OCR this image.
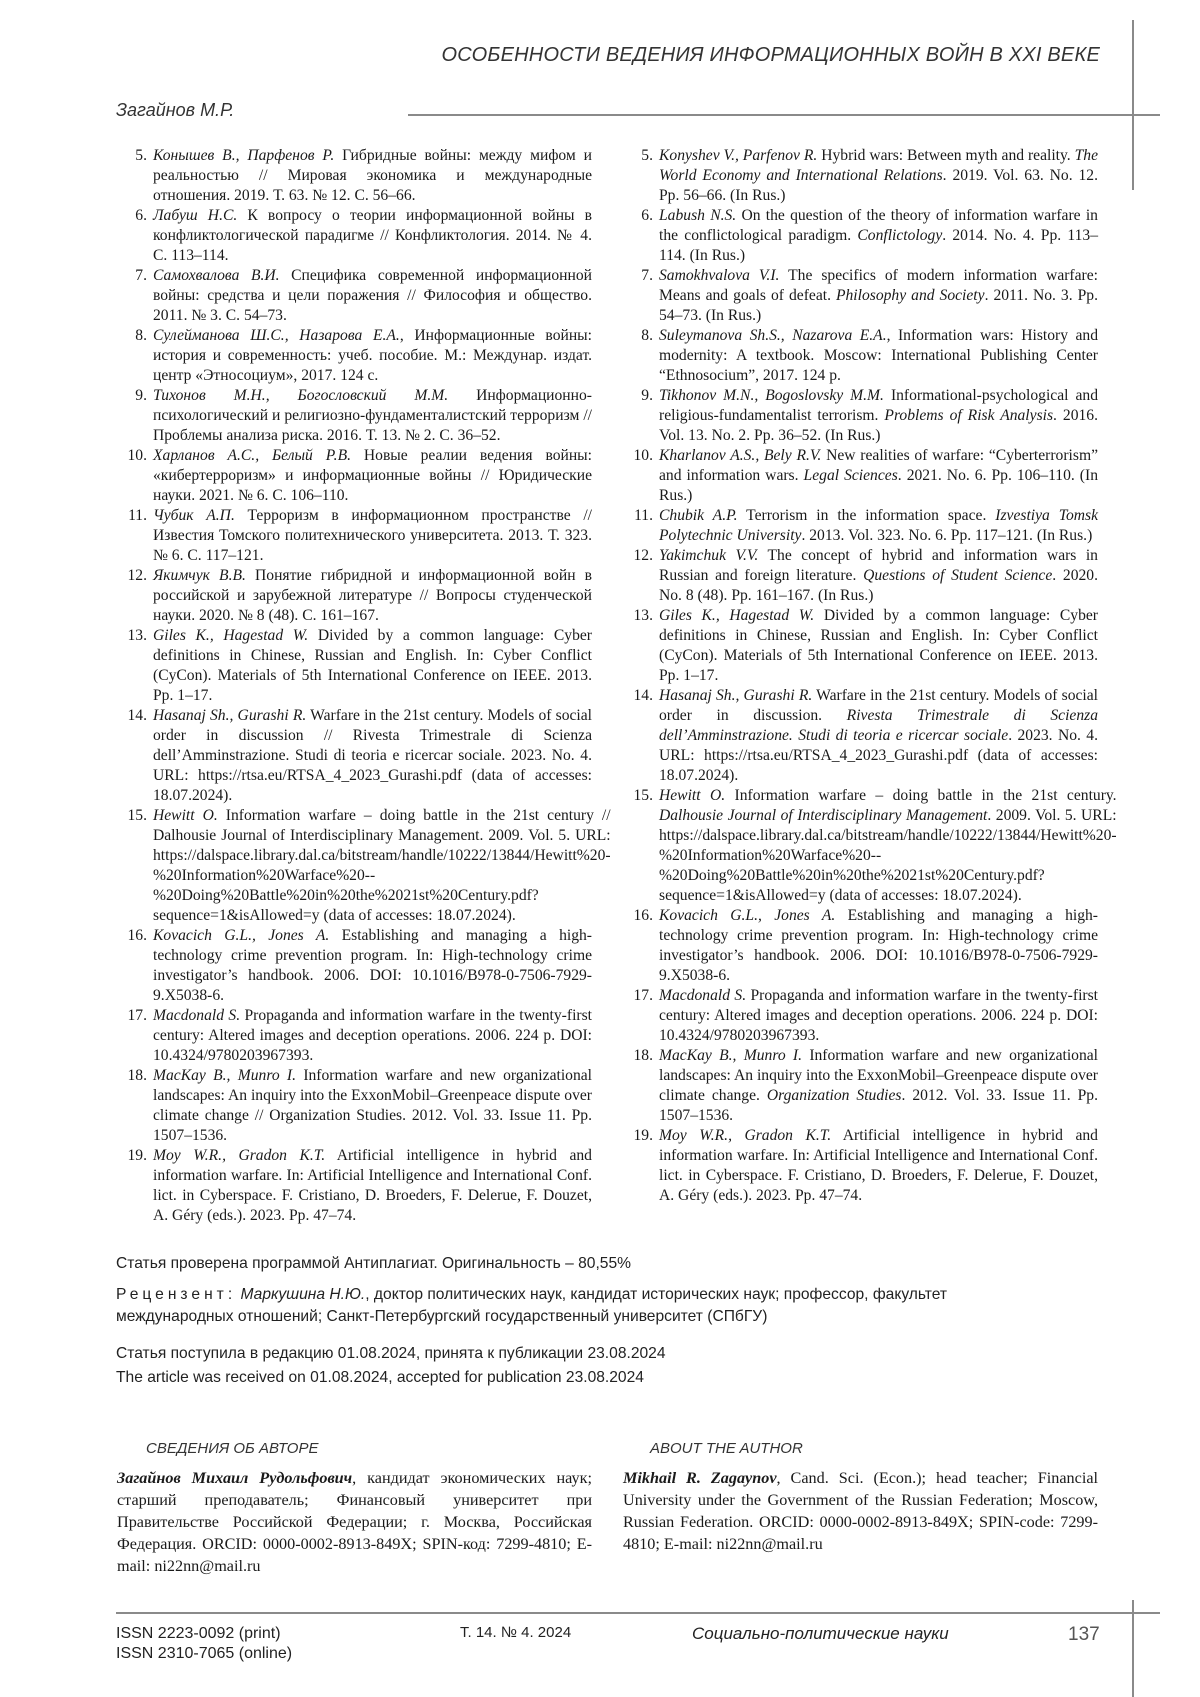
ОСОБЕННОСТИ ВЕДЕНИЯ ИНФОРМАЦИОННЫХ ВОЙН В XXI ВЕКЕ
Загайнов М.Р.
5. Конышев В., Парфенов Р. Гибридные войны: между мифом и реальностью // Мировая экономика и международные отношения. 2019. Т. 63. № 12. С. 56–66.
6. Лабуш Н.С. К вопросу о теории информационной войны в конфликтологической парадигме // Конфликтология. 2014. № 4. С. 113–114.
7. Самохвалова В.И. Специфика современной информационной войны: средства и цели поражения // Философия и общество. 2011. № 3. С. 54–73.
8. Сулейманова Ш.С., Назарова Е.А., Информационные войны: история и современность: учеб. пособие. М.: Междунар. издат. центр «Этносоциум», 2017. 124 с.
9. Тихонов М.Н., Богословский М.М. Информационно-психологический и религиозно-фундаменталистский терроризм // Проблемы анализа риска. 2016. Т. 13. № 2. С. 36–52.
10. Харланов А.С., Белый Р.В. Новые реалии ведения войны: «кибертерроризм» и информационные войны // Юридические науки. 2021. № 6. С. 106–110.
11. Чубик А.П. Терроризм в информационном пространстве // Известия Томского политехнического университета. 2013. Т. 323. № 6. С. 117–121.
12. Якимчук В.В. Понятие гибридной и информационной войн в российской и зарубежной литературе // Вопросы студенческой науки. 2020. № 8 (48). С. 161–167.
13. Giles K., Hagestad W. Divided by a common language: Cyber definitions in Chinese, Russian and English. In: Cyber Conflict (CyCon). Materials of 5th International Conference on IEEE. 2013. Pp. 1–17.
14. Hasanaj Sh., Gurashi R. Warfare in the 21st century. Models of social order in discussion // Rivesta Trimestrale di Scienza dell’Amminstrazione. Studi di teoria e ricercar sociale. 2023. No. 4. URL: https://rtsa.eu/RTSA_4_2023_Gurashi.pdf (data of accesses: 18.07.2024).
15. Hewitt O. Information warfare – doing battle in the 21st century // Dalhousie Journal of Interdisciplinary Management. 2009. Vol. 5. URL: https://dalspace.library.dal.ca/bitstream/handle/10222/13844/Hewitt%20-%20Information%20Warface%20--%20Doing%20Battle%20in%20the%2021st%20Century.pdf?sequence=1&isAllowed=y (data of accesses: 18.07.2024).
16. Kovacich G.L., Jones A. Establishing and managing a high-technology crime prevention program. In: High-technology crime investigator’s handbook. 2006. DOI: 10.1016/B978-0-7506-7929-9.X5038-6.
17. Macdonald S. Propaganda and information warfare in the twenty-first century: Altered images and deception operations. 2006. 224 p. DOI: 10.4324/9780203967393.
18. MacKay B., Munro I. Information warfare and new organizational landscapes: An inquiry into the ExxonMobil–Greenpeace dispute over climate change // Organization Studies. 2012. Vol. 33. Issue 11. Pp. 1507–1536.
19. Moy W.R., Gradon K.T. Artificial intelligence in hybrid and information warfare. In: Artificial Intelligence and International Conf. lict. in Cyberspace. F. Cristiano, D. Broeders, F. Delerue, F. Douzet, A. Géry (eds.). 2023. Pp. 47–74.
5. Konyshev V., Parfenov R. Hybrid wars: Between myth and reality. The World Economy and International Relations. 2019. Vol. 63. No. 12. Pp. 56–66. (In Rus.)
6. Labush N.S. On the question of the theory of information warfare in the conflictological paradigm. Conflictology. 2014. No. 4. Pp. 113–114. (In Rus.)
7. Samokhvalova V.I. The specifics of modern information warfare: Means and goals of defeat. Philosophy and Society. 2011. No. 3. Pp. 54–73. (In Rus.)
8. Suleymanova Sh.S., Nazarova E.A., Information wars: History and modernity: A textbook. Moscow: International Publishing Center “Ethnosocium”, 2017. 124 p.
9. Tikhonov M.N., Bogoslovsky M.M. Informational-psychological and religious-fundamentalist terrorism. Problems of Risk Analysis. 2016. Vol. 13. No. 2. Pp. 36–52. (In Rus.)
10. Kharlanov A.S., Bely R.V. New realities of warfare: “Cyberterrorism” and information wars. Legal Sciences. 2021. No. 6. Pp. 106–110. (In Rus.)
11. Chubik A.P. Terrorism in the information space. Izvestiya Tomsk Polytechnic University. 2013. Vol. 323. No. 6. Pp. 117–121. (In Rus.)
12. Yakimchuk V.V. The concept of hybrid and information wars in Russian and foreign literature. Questions of Student Science. 2020. No. 8 (48). Pp. 161–167. (In Rus.)
13. Giles K., Hagestad W. Divided by a common language: Cyber definitions in Chinese, Russian and English. In: Cyber Conflict (CyCon). Materials of 5th International Conference on IEEE. 2013. Pp. 1–17.
14. Hasanaj Sh., Gurashi R. Warfare in the 21st century. Models of social order in discussion. Rivesta Trimestrale di Scienza dell’Amminstrazione. Studi di teoria e ricercar sociale. 2023. No. 4. URL: https://rtsa.eu/RTSA_4_2023_Gurashi.pdf (data of accesses: 18.07.2024).
15. Hewitt O. Information warfare – doing battle in the 21st century. Dalhousie Journal of Interdisciplinary Management. 2009. Vol. 5. URL: https://dalspace.library.dal.ca/bitstream/handle/10222/13844/Hewitt%20-%20Information%20Warface%20--%20Doing%20Battle%20in%20the%2021st%20Century.pdf?sequence=1&isAllowed=y (data of accesses: 18.07.2024).
16. Kovacich G.L., Jones A. Establishing and managing a high-technology crime prevention program. In: High-technology crime investigator’s handbook. 2006. DOI: 10.1016/B978-0-7506-7929-9.X5038-6.
17. Macdonald S. Propaganda and information warfare in the twenty-first century: Altered images and deception operations. 2006. 224 p. DOI: 10.4324/9780203967393.
18. MacKay B., Munro I. Information warfare and new organizational landscapes: An inquiry into the ExxonMobil–Greenpeace dispute over climate change. Organization Studies. 2012. Vol. 33. Issue 11. Pp. 1507–1536.
19. Moy W.R., Gradon K.T. Artificial intelligence in hybrid and information warfare. In: Artificial Intelligence and International Conf. lict. in Cyberspace. F. Cristiano, D. Broeders, F. Delerue, F. Douzet, A. Géry (eds.). 2023. Pp. 47–74.
Статья проверена программой Антиплагиат. Оригинальность – 80,55%
Рецензент: Маркушина Н.Ю., доктор политических наук, кандидат исторических наук; профессор, факультет международных отношений; Санкт-Петербургский государственный университет (СПбГУ)
Статья поступила в редакцию 01.08.2024, принята к публикации 23.08.2024
The article was received on 01.08.2024, accepted for publication 23.08.2024
СВЕДЕНИЯ ОБ АВТОРЕ	ABOUT THE AUTHOR
Загайнов Михаил Рудольфович, кандидат экономических наук; старший преподаватель; Финансовый университет при Правительстве Российской Федерации; г. Москва, Российская Федерация. ORCID: 0000-0002-8913-849X; SPIN-код: 7299-4810; E-mail: ni22nn@mail.ru
Mikhail R. Zagaynov, Cand. Sci. (Econ.); head teacher; Financial University under the Government of the Russian Federation; Moscow, Russian Federation. ORCID: 0000-0002-8913-849X; SPIN-code: 7299-4810; E-mail: ni22nn@mail.ru
ISSN 2223-0092 (print)
ISSN 2310-7065 (online)
Т. 14. № 4. 2024	Социально-политические науки	137
